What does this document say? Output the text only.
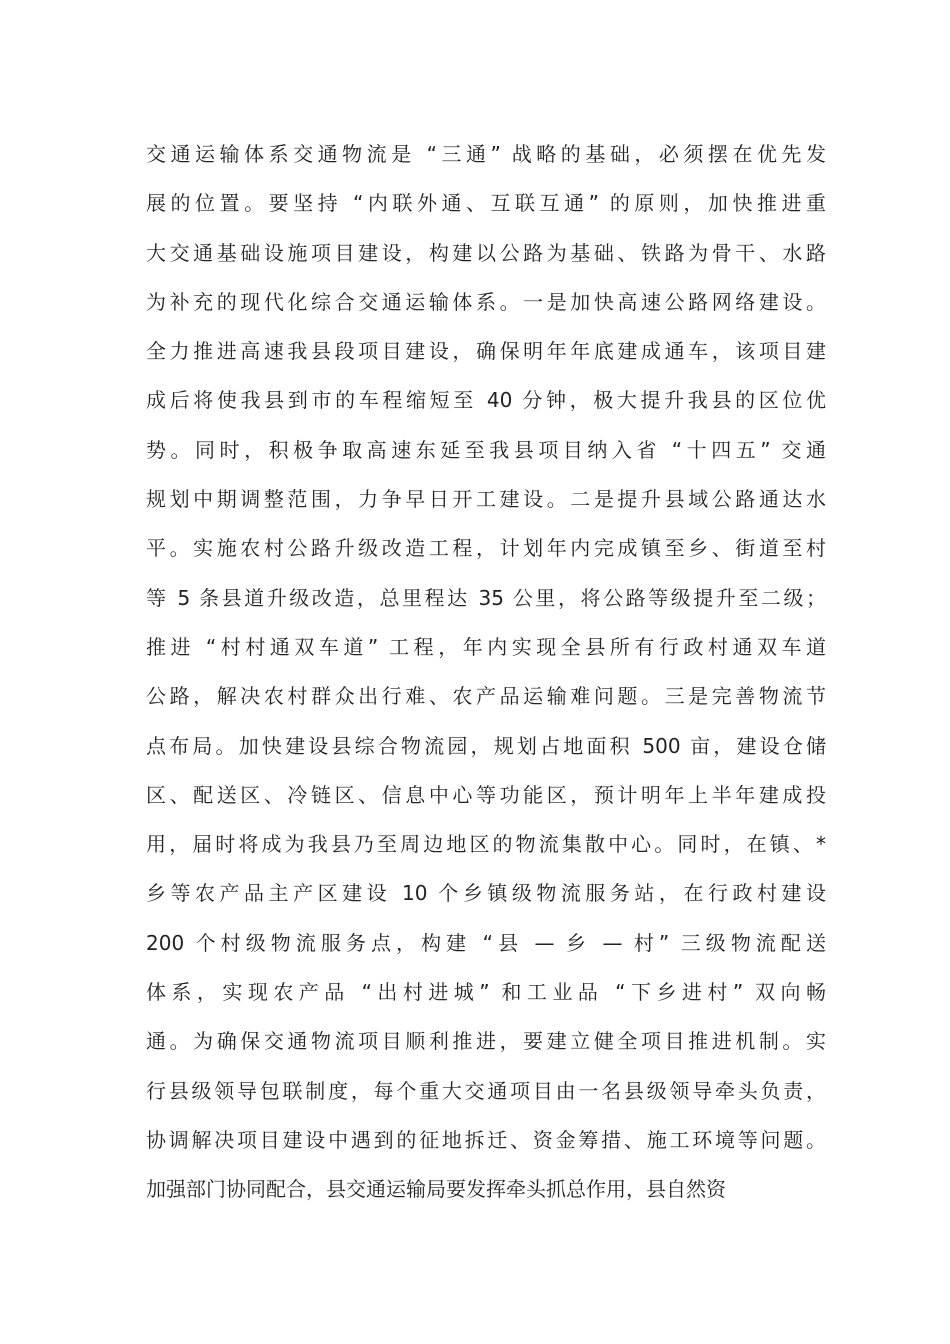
交通运输体系交通物流是 “三通” 战略的基础，必须摆在优先发
展的位置。要坚持 “内联外通、互联互通” 的原则，加快推进重
大交通基础设施项目建设，构建以公路为基础、铁路为骨干、水路
为补充的现代化综合交通运输体系。一是加快高速公路网络建设。
全力推进高速我县段项目建设，确保明年年底建成通车，该项目建
成后将使我县到市的车程缩短至 40 分钟，极大提升我县的区位优
势。同时，积极争取高速东延至我县项目纳入省 “十四五” 交通
规划中期调整范围，力争早日开工建设。二是提升县域公路通达水
平。实施农村公路升级改造工程，计划年内完成镇至乡、街道至村
等 5 条县道升级改造，总里程达 35 公里，将公路等级提升至二级；
推进 “村村通双车道” 工程，年内实现全县所有行政村通双车道
公路，解决农村群众出行难、农产品运输难问题。三是完善物流节
点布局。加快建设县综合物流园，规划占地面积 500 亩，建设仓储
区、配送区、冷链区、信息中心等功能区，预计明年上半年建成投
用，届时将成为我县乃至周边地区的物流集散中心。同时，在镇、*
乡等农产品主产区建设 10 个乡镇级物流服务站，在行政村建设
200 个村级物流服务点，构建 “县 — 乡 — 村” 三级物流配送
体系，实现农产品 “出村进城” 和工业品 “下乡进村” 双向畅
通。为确保交通物流项目顺利推进，要建立健全项目推进机制。实
行县级领导包联制度，每个重大交通项目由一名县级领导牵头负责，
协调解决项目建设中遇到的征地拆迁、资金筹措、施工环境等问题。
加强部门协同配合，县交通运输局要发挥牵头抓总作用，县自然资
